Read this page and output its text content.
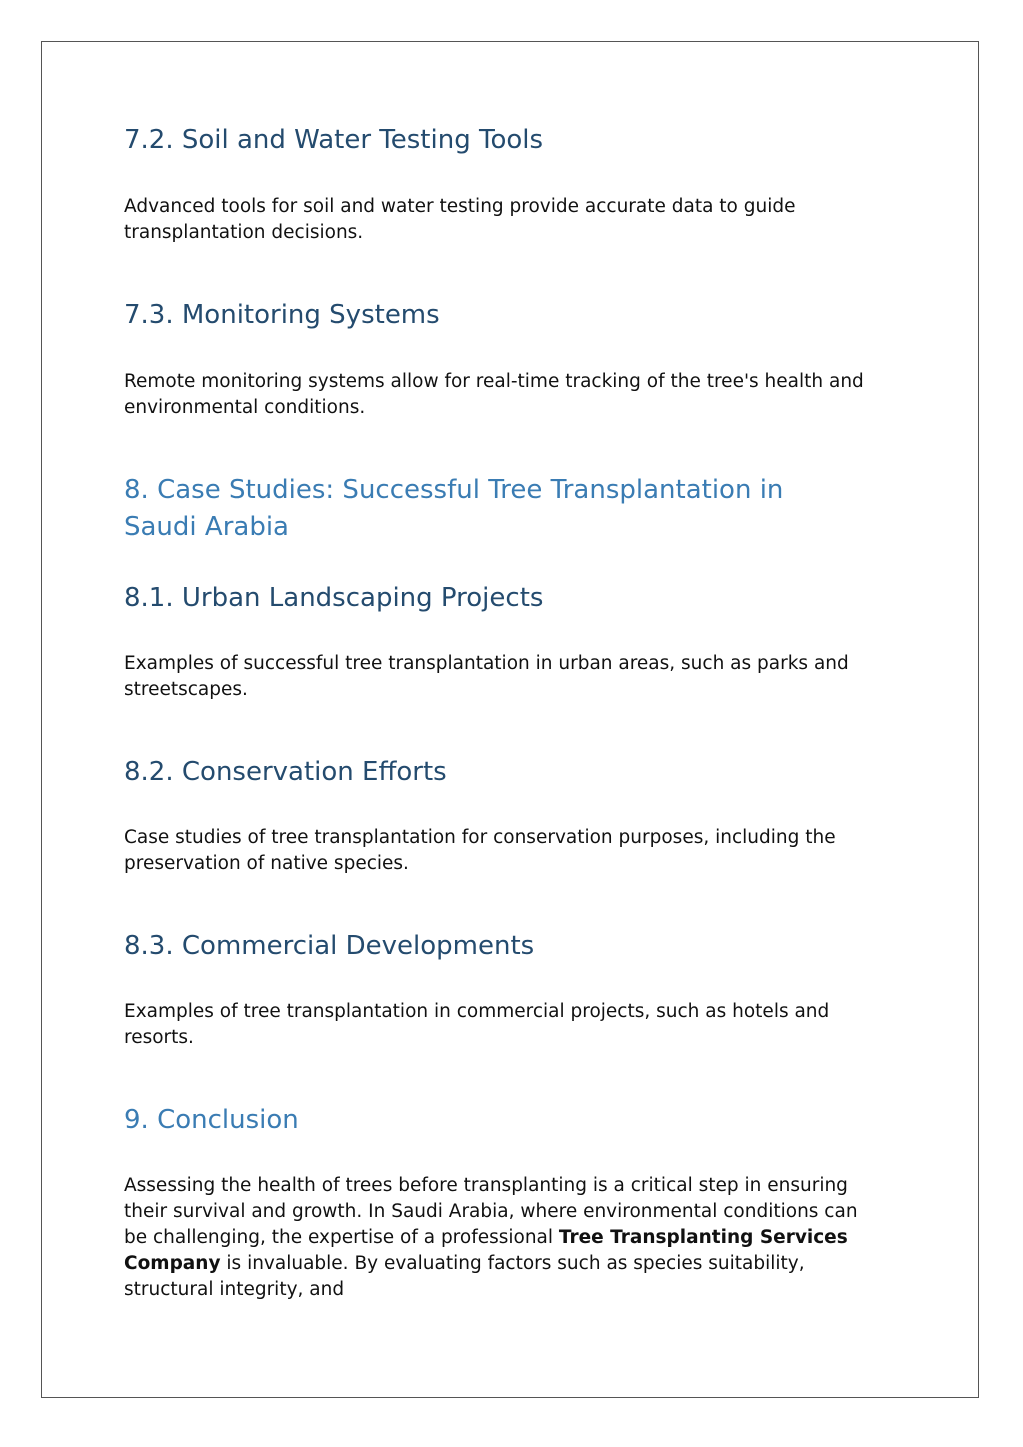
7.2. Soil and Water Testing Tools

Advanced tools for soil and water testing provide accurate data to guide transplantation decisions.

7.3. Monitoring Systems

Remote monitoring systems allow for real-time tracking of the tree's health and environmental conditions.

8. Case Studies: Successful Tree Transplantation in
Saudi Arabia
8.1. Urban Landscaping Projects

Examples of successful tree transplantation in urban areas, such as parks and streetscapes.

8.2. Conservation Efforts

Case studies of tree transplantation for conservation purposes, including the preservation of native species.

8.3. Commercial Developments

Examples of tree transplantation in commercial projects, such as hotels and resorts.

9. Conclusion

Assessing the health of trees before transplanting is a critical step in ensuring their survival and growth. In Saudi Arabia, where environmental conditions can be challenging, the expertise of a professional Tree Transplanting Services Company is invaluable. By evaluating factors such as species suitability, structural integrity, and
